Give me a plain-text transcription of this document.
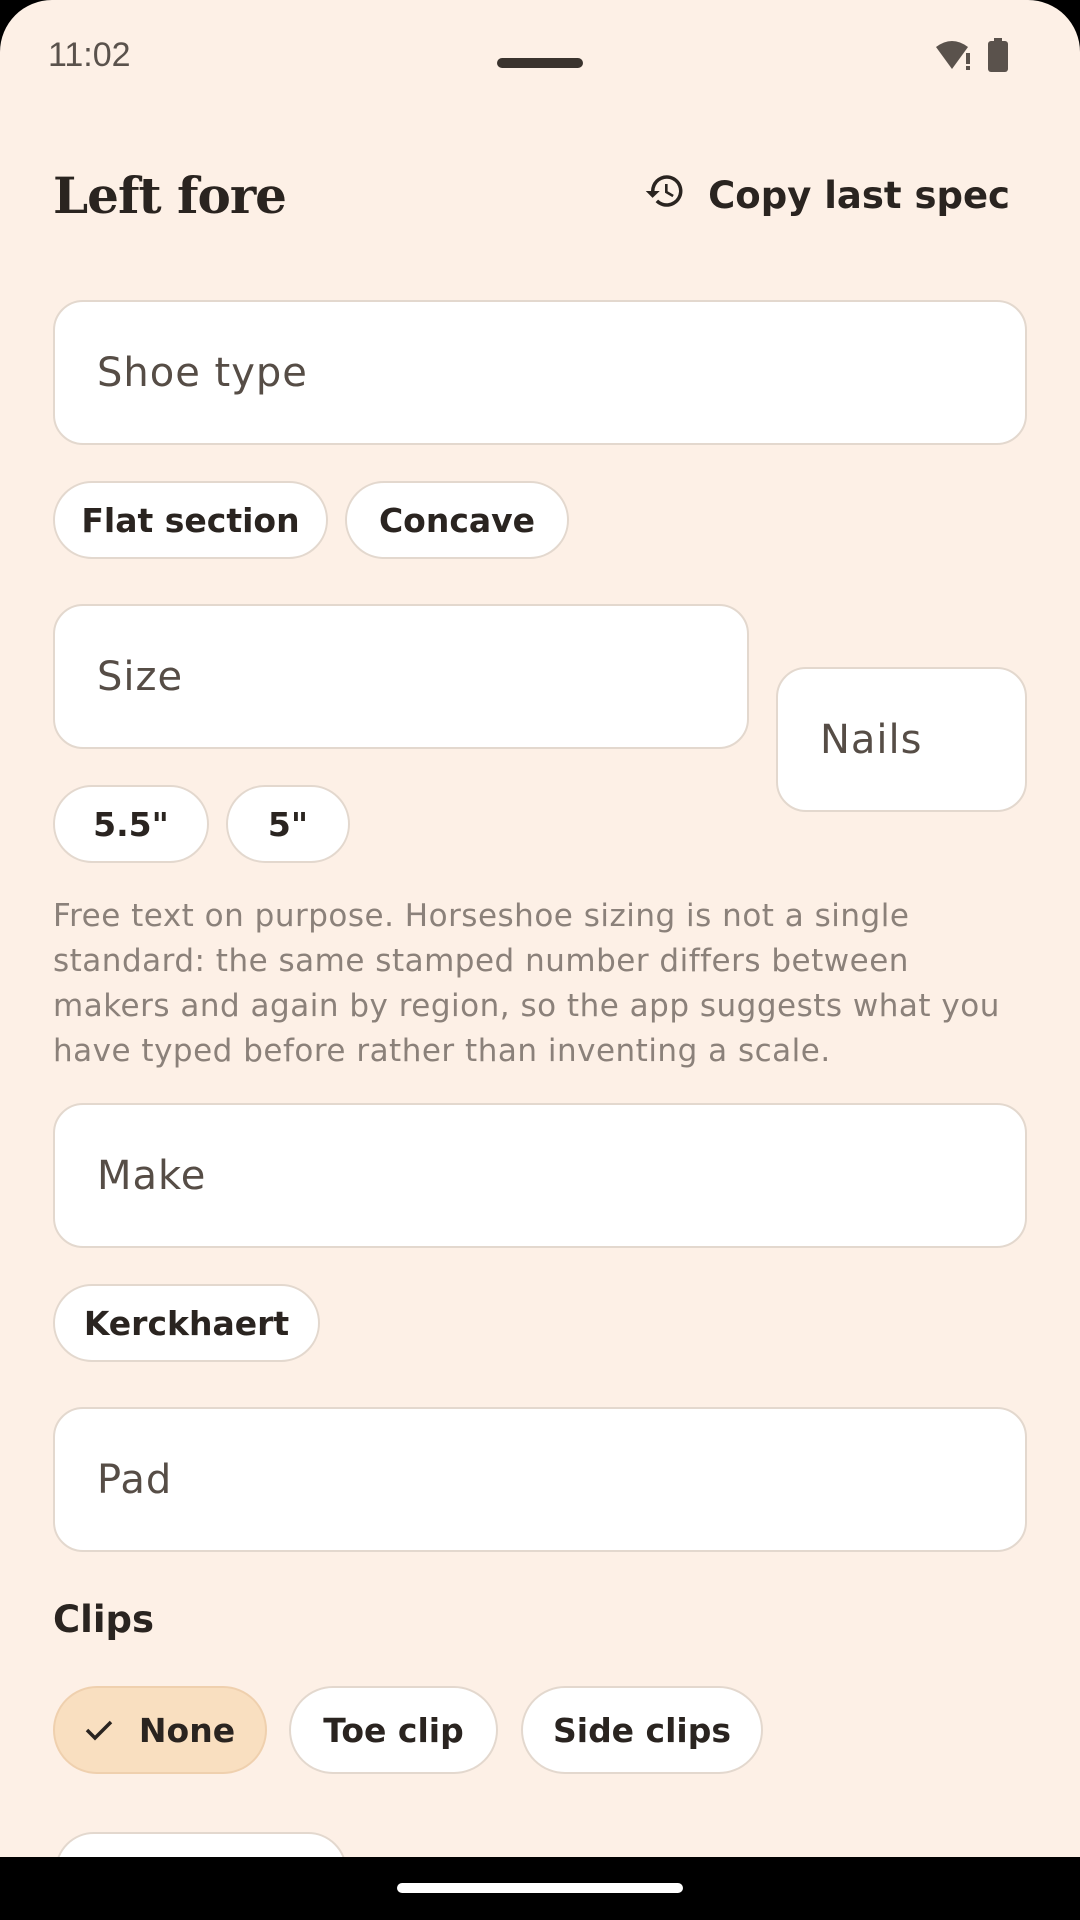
11:02
Left fore	Copy last spec
Shoe type
Flat section	Concave
Size
5.5"	5"
Nails
Free text on purpose. Horseshoe sizing is not a single standard: the same stamped number differs between makers and again by region, so the app suggests what you have typed before rather than inventing a scale.
Make
Kerckhaert
Pad
Clips
None	Toe clip	Side clips
